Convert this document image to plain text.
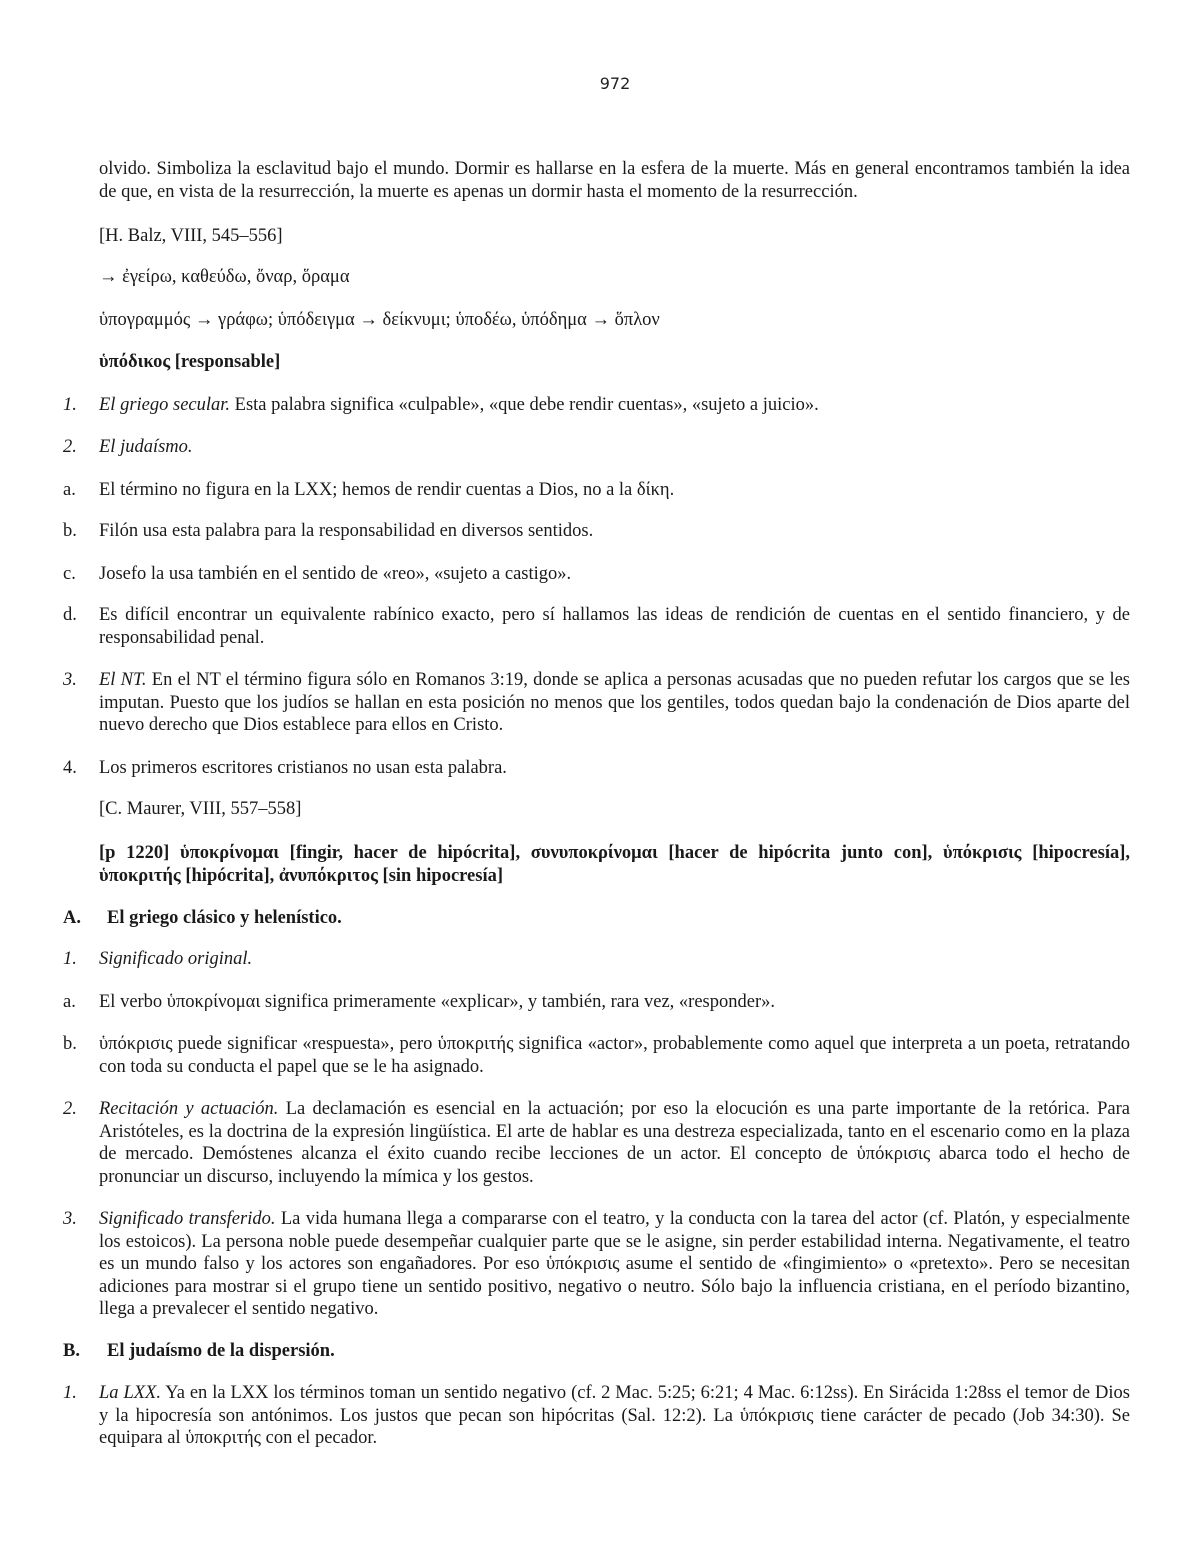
972
olvido. Simboliza la esclavitud bajo el mundo. Dormir es hallarse en la esfera de la muerte. Más en general encontramos también la idea de que, en vista de la resurrección, la muerte es apenas un dormir hasta el momento de la resurrección.
[H. Balz, VIII, 545–556]
→ ἐγείρω, καθεύδω, ὄναρ, ὅραμα
ὑπογραμμός → γράφω; ὑπόδειγμα → δείκνυμι; ὑποδέω, ὑπόδημα → ὅπλον
ὑπόδικος [responsable]
1. El griego secular. Esta palabra significa «culpable», «que debe rendir cuentas», «sujeto a juicio».
2. El judaísmo.
a. El término no figura en la LXX; hemos de rendir cuentas a Dios, no a la δίκη.
b. Filón usa esta palabra para la responsabilidad en diversos sentidos.
c. Josefo la usa también en el sentido de «reo», «sujeto a castigo».
d. Es difícil encontrar un equivalente rabínico exacto, pero sí hallamos las ideas de rendición de cuentas en el sentido financiero, y de responsabilidad penal.
3. El NT. En el NT el término figura sólo en Romanos 3:19, donde se aplica a personas acusadas que no pueden refutar los cargos que se les imputan. Puesto que los judíos se hallan en esta posición no menos que los gentiles, todos quedan bajo la condenación de Dios aparte del nuevo derecho que Dios establece para ellos en Cristo.
4. Los primeros escritores cristianos no usan esta palabra.
[C. Maurer, VIII, 557–558]
[p 1220] ὑποκρίνομαι [fingir, hacer de hipócrita], συνυποκρίνομαι [hacer de hipócrita junto con], ὑπόκρισις [hipocresía], ὑποκριτής [hipócrita], ἀνυπόκριτος [sin hipocresía]
A. El griego clásico y helenístico.
1. Significado original.
a. El verbo ὑποκρίνομαι significa primeramente «explicar», y también, rara vez, «responder».
b. ὑπόκρισις puede significar «respuesta», pero ὑποκριτής significa «actor», probablemente como aquel que interpreta a un poeta, retratando con toda su conducta el papel que se le ha asignado.
2. Recitación y actuación. La declamación es esencial en la actuación; por eso la elocución es una parte importante de la retórica. Para Aristóteles, es la doctrina de la expresión lingüística. El arte de hablar es una destreza especializada, tanto en el escenario como en la plaza de mercado. Demóstenes alcanza el éxito cuando recibe lecciones de un actor. El concepto de ὑπόκρισις abarca todo el hecho de pronunciar un discurso, incluyendo la mímica y los gestos.
3. Significado transferido. La vida humana llega a compararse con el teatro, y la conducta con la tarea del actor (cf. Platón, y especialmente los estoicos). La persona noble puede desempeñar cualquier parte que se le asigne, sin perder estabilidad interna. Negativamente, el teatro es un mundo falso y los actores son engañadores. Por eso ὑπόκρισις asume el sentido de «fingimiento» o «pretexto». Pero se necesitan adiciones para mostrar si el grupo tiene un sentido positivo, negativo o neutro. Sólo bajo la influencia cristiana, en el período bizantino, llega a prevalecer el sentido negativo.
B. El judaísmo de la dispersión.
1. La LXX. Ya en la LXX los términos toman un sentido negativo (cf. 2 Mac. 5:25; 6:21; 4 Mac. 6:12ss). En Sirácida 1:28ss el temor de Dios y la hipocresía son antónimos. Los justos que pecan son hipócritas (Sal. 12:2). La ὑπόκρισις tiene carácter de pecado (Job 34:30). Se equipara al ὑποκριτής con el pecador.
